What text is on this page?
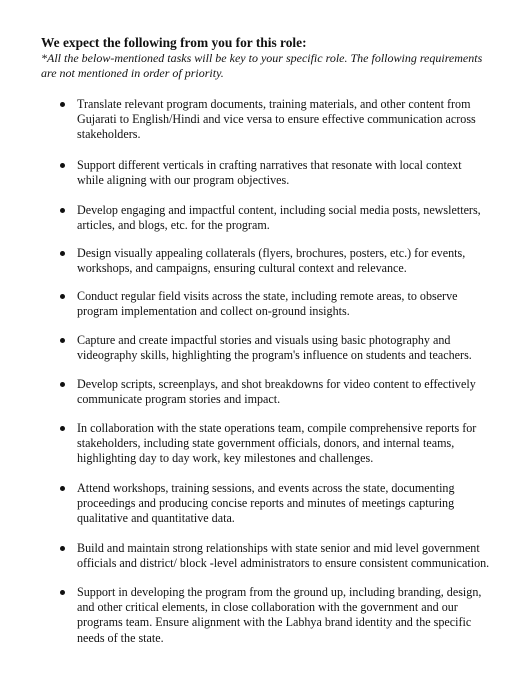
We expect the following from you for this role:
*All the below-mentioned tasks will be key to your specific role. The following requirements are not mentioned in order of priority.
Translate relevant program documents, training materials, and other content from Gujarati to English/Hindi and vice versa to ensure effective communication across stakeholders.
Support different verticals in crafting narratives that resonate with local context while aligning with our program objectives.
Develop engaging and impactful content, including social media posts, newsletters, articles, and blogs, etc. for the program.
Design visually appealing collaterals (flyers, brochures, posters, etc.) for events, workshops, and campaigns, ensuring cultural context and relevance.
Conduct regular field visits across the state, including remote areas, to observe program implementation and collect on-ground insights.
Capture and create impactful stories and visuals using basic photography and videography skills, highlighting the program's influence on students and teachers.
Develop scripts, screenplays, and shot breakdowns for video content to effectively communicate program stories and impact.
In collaboration with the state operations team, compile comprehensive reports for stakeholders, including state government officials, donors, and internal teams, highlighting day to day work, key milestones and challenges.
Attend workshops, training sessions, and events across the state, documenting proceedings and producing concise reports and minutes of meetings capturing qualitative and quantitative data.
Build and maintain strong relationships with state senior and mid level government officials and district/ block -level administrators to ensure consistent communication.
Support in developing the program from the ground up, including branding, design, and other critical elements, in close collaboration with the government and our programs team. Ensure alignment with the Labhya brand identity and the specific needs of the state.
